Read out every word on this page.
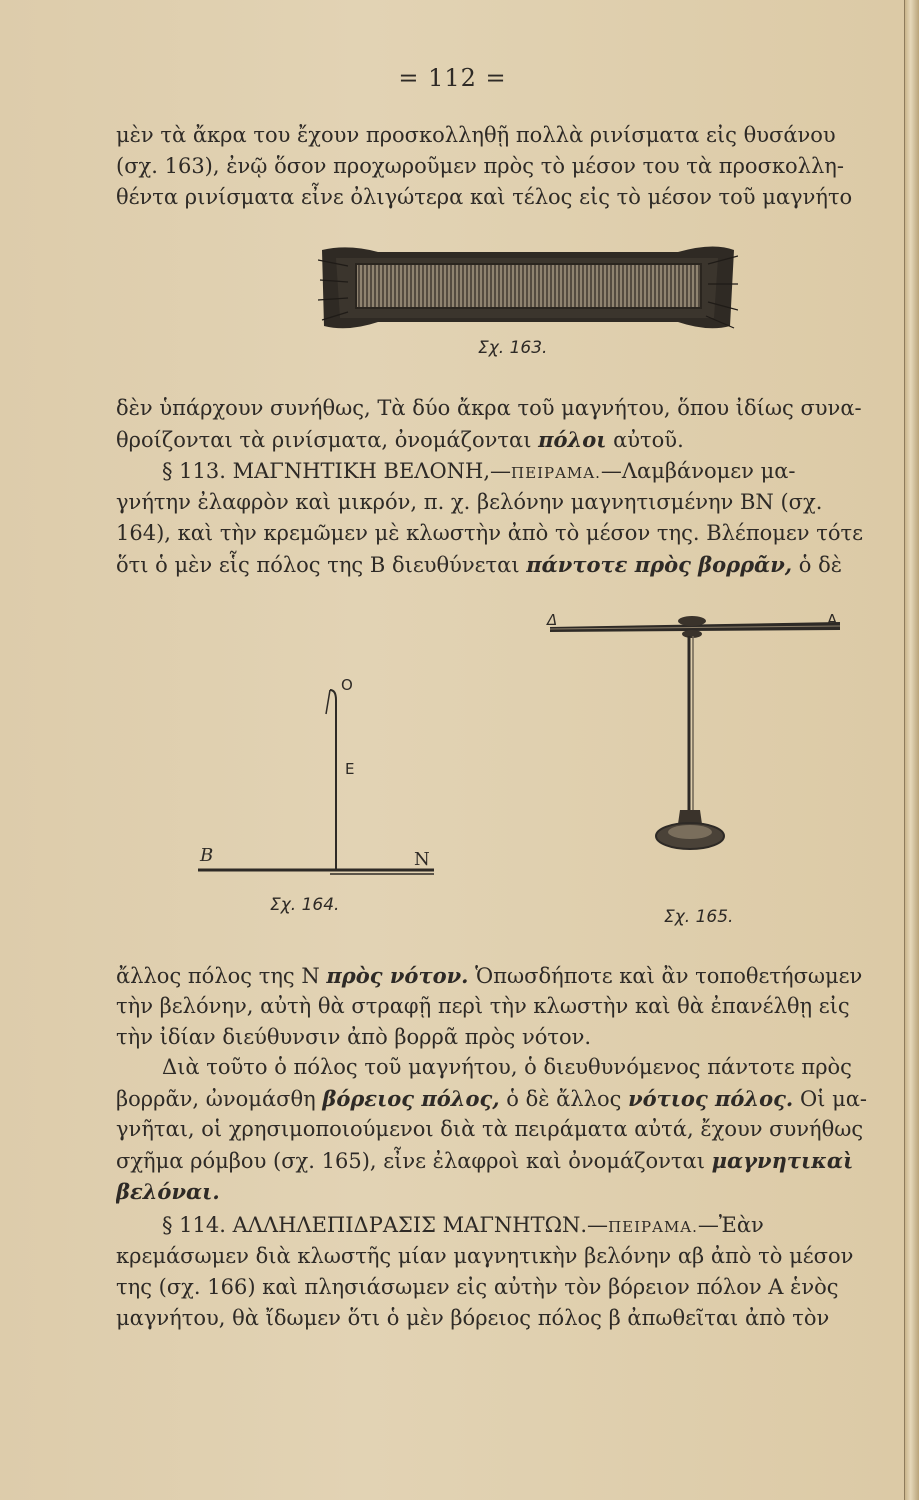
= 112 =
μὲν τὰ ἄκρα του ἔχουν προσκολληθῇ πολλὰ ρινίσματα εἰς θυσάνου
(σχ. 163), ἐνῷ ὅσον προχωροῦμεν πρὸς τὸ μέσον του τὰ προσκολλη-
θέντα ρινίσματα εἶνε ὀλιγώτερα καὶ τέλος εἰς τὸ μέσον τοῦ μαγνήτο
Σχ. 163.
δὲν ὑπάρχουν συνήθως, Τὰ δύο ἄκρα τοῦ μαγνήτου, ὅπου ἰδίως συνα-
θροίζονται τὰ ρινίσματα, ὀνομάζονται πόλοι αὐτοῦ.
§ 113. ΜΑΓΝΗΤΙΚΗ ΒΕΛΟΝΗ,—ΠΕΙΡΑΜΑ.—Λαμβάνομεν μα-
γνήτην ἐλαφρὸν καὶ μικρόν, π. χ. βελόνην μαγνητισμένην ΒΝ (σχ.
164), καὶ τὴν κρεμῶμεν μὲ κλωστὴν ἀπὸ τὸ μέσον της. Βλέπομεν τότε
ὅτι ὁ μὲν εἷς πόλος της Β διευθύνεται πάντοτε πρὸς βορρᾶν, ὁ δὲ
O
E
B	N
Σχ. 164.
Δ	A
Σχ. 165.
ἄλλος πόλος της Ν πρὸς νότον. Ὁπωσδήποτε καὶ ἂν τοποθετήσωμεν
τὴν βελόνην, αὐτὴ θὰ στραφῇ περὶ τὴν κλωστὴν καὶ θὰ ἐπανέλθῃ εἰς
τὴν ἰδίαν διεύθυνσιν ἀπὸ βορρᾶ πρὸς νότον.
Διὰ τοῦτο ὁ πόλος τοῦ μαγνήτου, ὁ διευθυνόμενος πάντοτε πρὸς
βορρᾶν, ὠνομάσθη βόρειος πόλος, ὁ δὲ ἄλλος νότιος πόλος. Οἱ μα-
γνῆται, οἱ χρησιμοποιούμενοι διὰ τὰ πειράματα αὐτά, ἔχουν συνήθως
σχῆμα ρόμβου (σχ. 165), εἶνε ἐλαφροὶ καὶ ὀνομάζονται μαγνητικαὶ
βελόναι.
§ 114. ΑΛΛΗΛΕΠΙΔΡΑΣΙΣ ΜΑΓΝΗΤΩΝ.—ΠΕΙΡΑΜΑ.—Ἐὰν
κρεμάσωμεν διὰ κλωστῆς μίαν μαγνητικὴν βελόνην αβ ἀπὸ τὸ μέσον
της (σχ. 166) καὶ πλησιάσωμεν εἰς αὐτὴν τὸν βόρειον πόλον Α ἑνὸς
μαγνήτου, θὰ ἴδωμεν ὅτι ὁ μὲν βόρειος πόλος β ἀπωθεῖται ἀπὸ τὸν
